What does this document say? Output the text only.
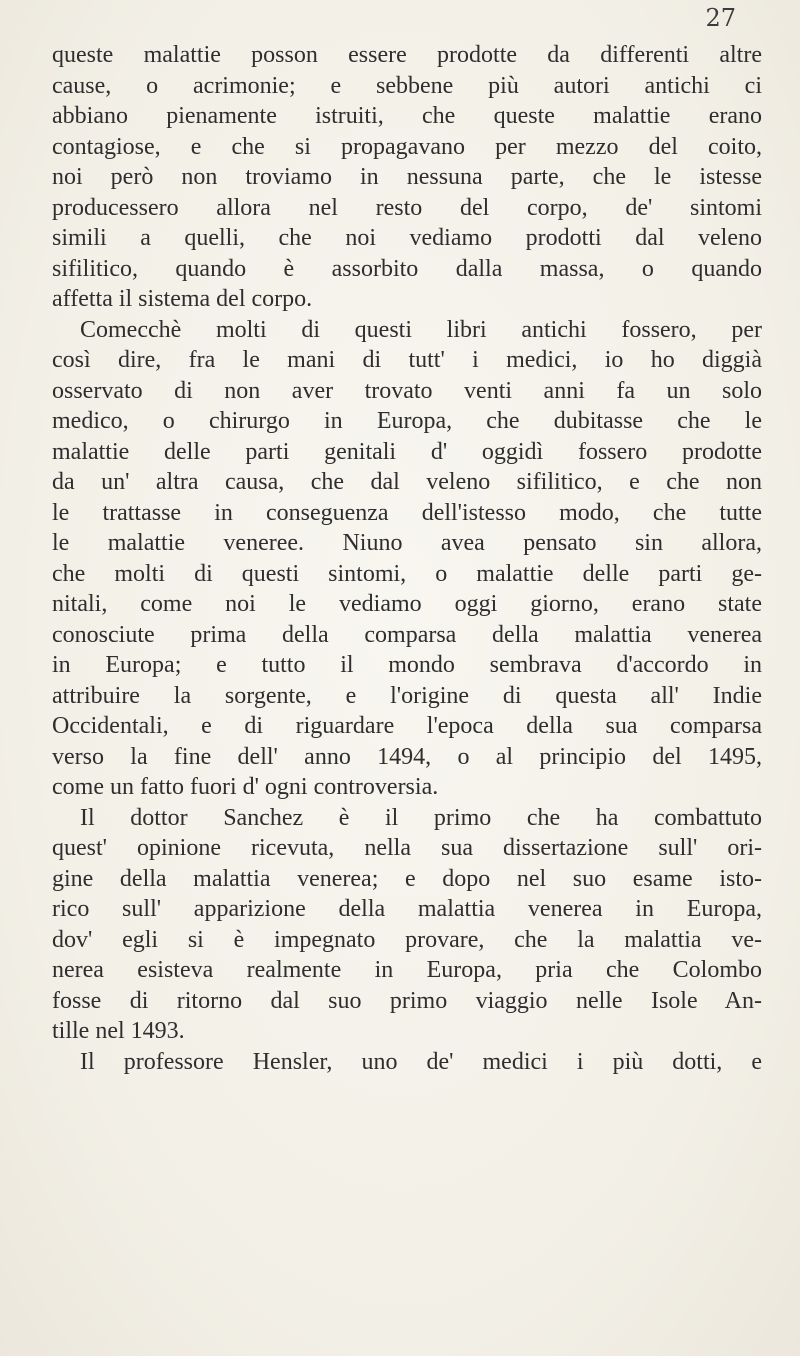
27
queste malattie posson essere prodotte da differenti altre
cause, o acrimonie; e sebbene più autori antichi ci
abbiano pienamente istruiti, che queste malattie erano
contagiose, e che si propagavano per mezzo del coito,
noi però non troviamo in nessuna parte, che le istesse
producessero allora nel resto del corpo, de' sintomi
simili a quelli, che noi vediamo prodotti dal veleno
sifilitico, quando è assorbito dalla massa, o quando
affetta il sistema del corpo.
Comecchè molti di questi libri antichi fossero, per
così dire, fra le mani di tutt' i medici, io ho diggià
osservato di non aver trovato venti anni fa un solo
medico, o chirurgo in Europa, che dubitasse che le
malattie delle parti genitali d' oggidì fossero prodotte
da un' altra causa, che dal veleno sifilitico, e che non
le trattasse in conseguenza dell'istesso modo, che tutte
le malattie veneree. Niuno avea pensato sin allora,
che molti di questi sintomi, o malattie delle parti ge-
nitali, come noi le vediamo oggi giorno, erano state
conosciute prima della comparsa della malattia venerea
in Europa; e tutto il mondo sembrava d'accordo in
attribuire la sorgente, e l'origine di questa all' Indie
Occidentali, e di riguardare l'epoca della sua comparsa
verso la fine dell' anno 1494, o al principio del 1495,
come un fatto fuori d' ogni controversia.
Il dottor Sanchez è il primo che ha combattuto
quest' opinione ricevuta, nella sua dissertazione sull' ori-
gine della malattia venerea; e dopo nel suo esame isto-
rico sull' apparizione della malattia venerea in Europa,
dov' egli si è impegnato provare, che la malattia ve-
nerea esisteva realmente in Europa, pria che Colombo
fosse di ritorno dal suo primo viaggio nelle Isole An-
tille nel 1493.
Il professore Hensler, uno de' medici i più dotti, e
